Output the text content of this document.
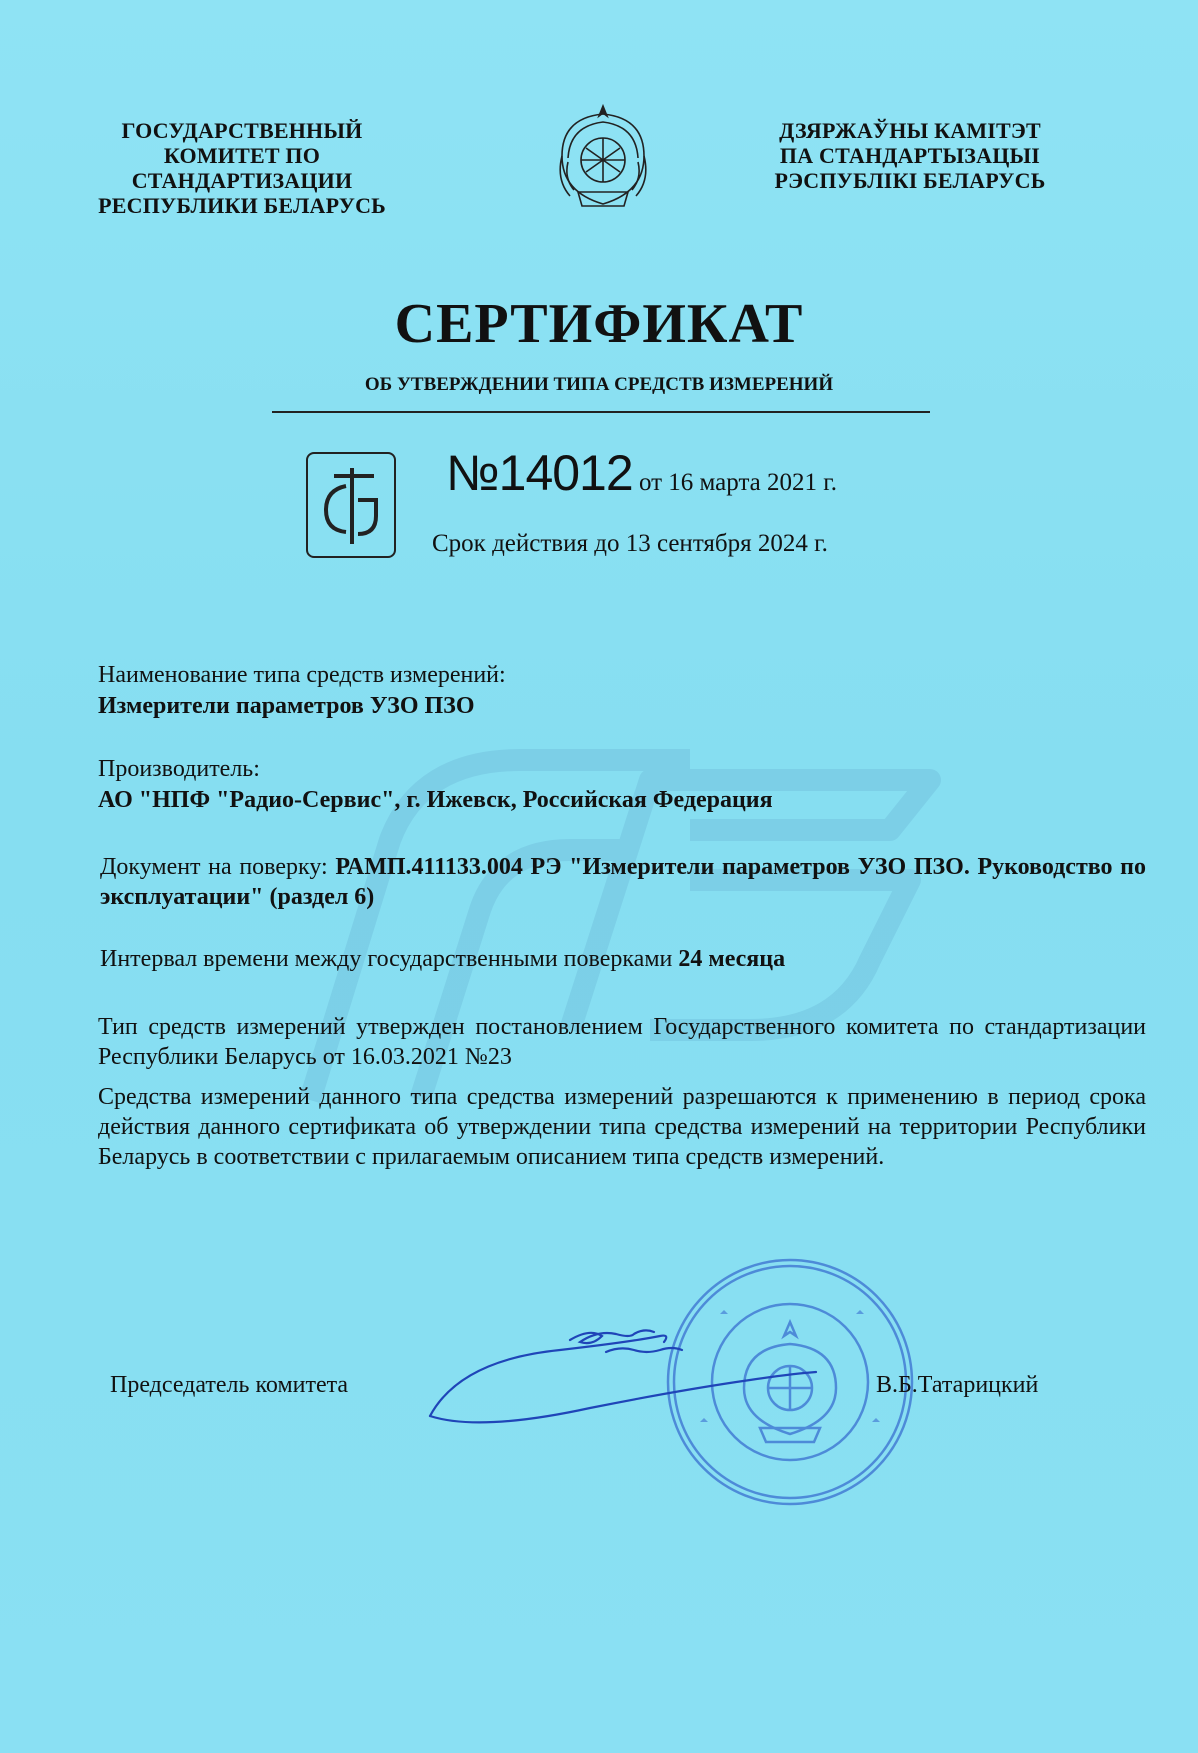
ГОСУДАРСТВЕННЫЙ
КОМИТЕТ ПО
СТАНДАРТИЗАЦИИ
РЕСПУБЛИКИ БЕЛАРУСЬ
ДЗЯРЖАЎНЫ КАМІТЭТ
ПА СТАНДАРТЫЗАЦЫІ
РЭСПУБЛІКІ БЕЛАРУСЬ
СЕРТИФИКАТ
ОБ УТВЕРЖДЕНИИ ТИПА СРЕДСТВ ИЗМЕРЕНИЙ
№14012 от 16 марта 2021 г.
Срок действия до 13 сентября 2024 г.
Наименование типа средств измерений:
Измерители параметров УЗО ПЗО
Производитель:
АО "НПФ "Радио-Сервис", г. Ижевск, Российская Федерация
Документ на поверку: РАМП.411133.004 РЭ "Измерители параметров УЗО ПЗО. Руководство по эксплуатации" (раздел 6)
Интервал времени между государственными поверками 24 месяца
Тип средств измерений утвержден постановлением Государственного комитета по стандартизации Республики Беларусь от 16.03.2021 №23
Средства измерений данного типа средства измерений разрешаются к применению в период срока действия данного сертификата об утверждении типа средства измерений на территории Республики Беларусь в соответствии с прилагаемым описанием типа средств измерений.
Председатель комитета	В.Б.Татарицкий
